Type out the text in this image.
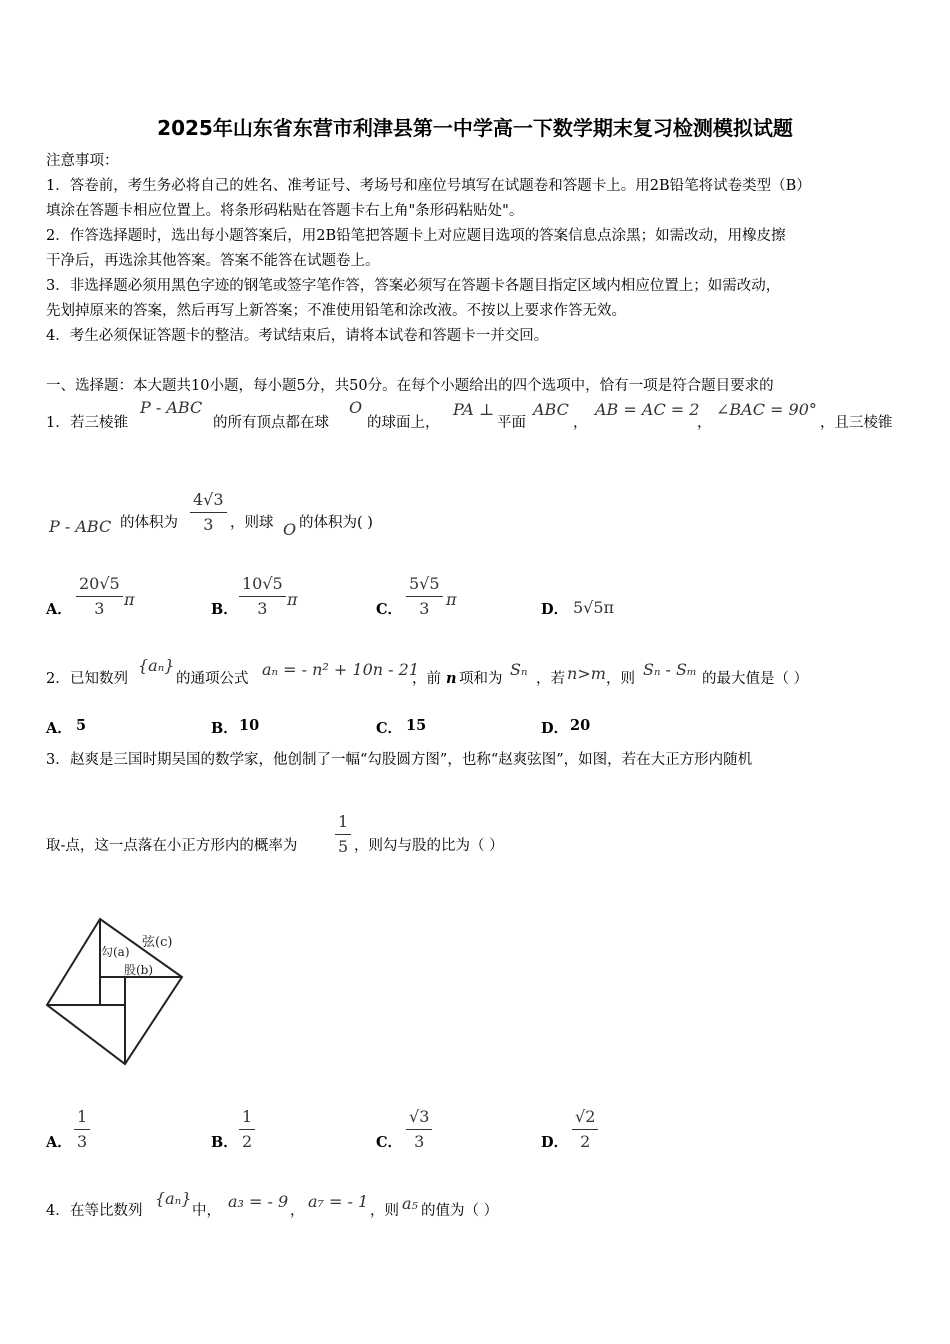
2025年山东省东营市利津县第一中学高一下数学期末复习检测模拟试题
注意事项：
1．答卷前，考生务必将自己的姓名、准考证号、考场号和座位号填写在试题卷和答题卡上。用2B铅笔将试卷类型（B）
填涂在答题卡相应位置上。将条形码粘贴在答题卡右上角"条形码粘贴处"。
2．作答选择题时，选出每小题答案后，用2B铅笔把答题卡上对应题目选项的答案信息点涂黑；如需改动，用橡皮擦
干净后，再选涂其他答案。答案不能答在试题卷上。
3．非选择题必须用黑色字迹的钢笔或签字笔作答，答案必须写在答题卡各题目指定区域内相应位置上；如需改动，
先划掉原来的答案，然后再写上新答案；不准使用铅笔和涂改液。不按以上要求作答无效。
4．考生必须保证答题卡的整洁。考试结束后，请将本试卷和答题卡一并交回。
一、选择题：本大题共10小题，每小题5分，共50分。在每个小题给出的四个选项中，恰有一项是符合题目要求的
1． 若三棱锥
P - ABC
的所有顶点都在球
O
的球面上，
PA ⊥
平面
ABC
，
AB = AC = 2
，
∠BAC = 90°
，且三棱锥
P - ABC 的体积为 $\frac{4√3}{3}$ ，则球 O 的体积为( )
A． $\frac{20√5}{3}$ π
B． $\frac{10√5}{3}$ π
C． $\frac{5√5}{3}$ π
D． 5√5π
2． 已知数列
{aₙ}
的通项公式 aₙ = - n² + 10n - 21
，前 n 项和为 Sₙ ，若 n>m ，则 Sₙ - Sₘ 的最大值是（ ）
A． 5	B． 10	C． 15	D． 20
3． 赵爽是三国时期吴国的数学家，他创制了一幅“勾股圆方图”，也称“赵爽弦图”，如图，若在大正方形内随机
取-点，这一点落在小正方形内的概率为 $\frac{1}{5}$ ，则勾与股的比为（ ）
弦(c)
勾(a)
股(b)
A． $\frac{1}{3}$	B． $\frac{1}{2}$	C． $\frac{√3}{3}$	D． $\frac{√2}{2}$
4． 在等比数列
{aₙ}
中， a₃ = - 9 ， a₇ = - 1 ，则 a₅ 的值为（ ）
